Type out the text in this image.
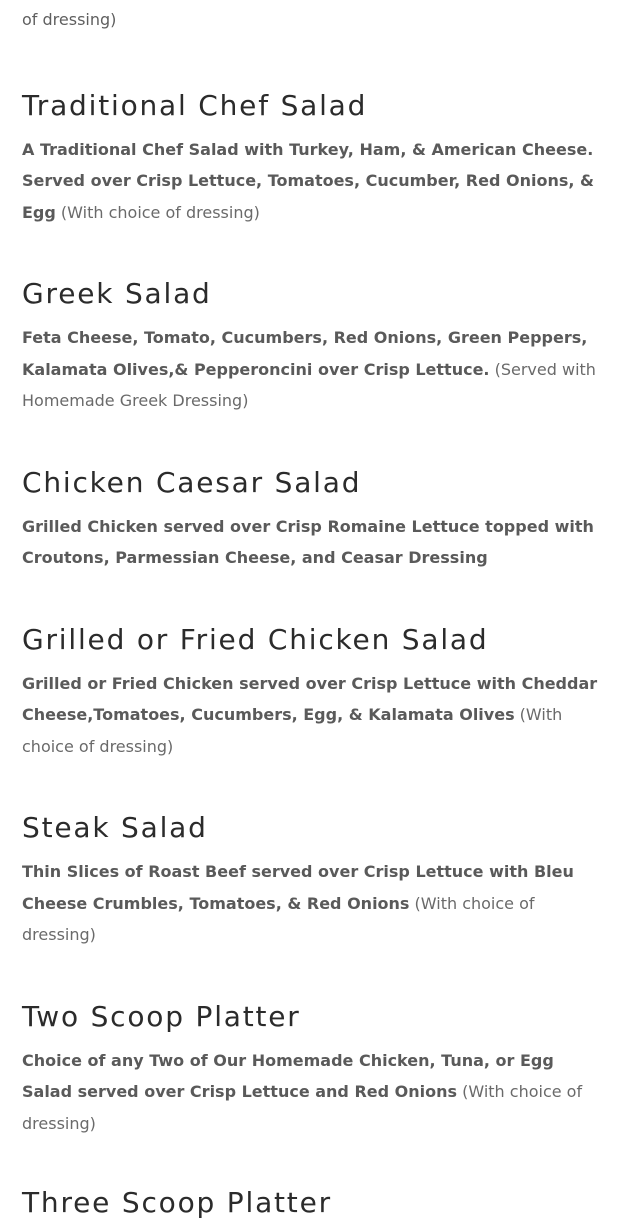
of dressing)

Traditional Chef Salad

A Traditional Chef Salad with Turkey, Ham, & American Cheese. Served over Crisp Lettuce, Tomatoes, Cucumber, Red Onions, & Egg (With choice of dressing)

Greek Salad

Feta Cheese, Tomato, Cucumbers, Red Onions, Green Peppers, Kalamata Olives,& Pepperoncini over Crisp Lettuce. (Served with Homemade Greek Dressing)

Chicken Caesar Salad

Grilled Chicken served over Crisp Romaine Lettuce topped with Croutons, Parmessian Cheese, and Ceasar Dressing

Grilled or Fried Chicken Salad

Grilled or Fried Chicken served over Crisp Lettuce with Cheddar Cheese,Tomatoes, Cucumbers, Egg, & Kalamata Olives (With choice of dressing)

Steak Salad

Thin Slices of Roast Beef served over Crisp Lettuce with Bleu Cheese Crumbles, Tomatoes, & Red Onions (With choice of dressing)

Two Scoop Platter

Choice of any Two of Our Homemade Chicken, Tuna, or Egg Salad served over Crisp Lettuce and Red Onions (With choice of dressing)

Three Scoop Platter
